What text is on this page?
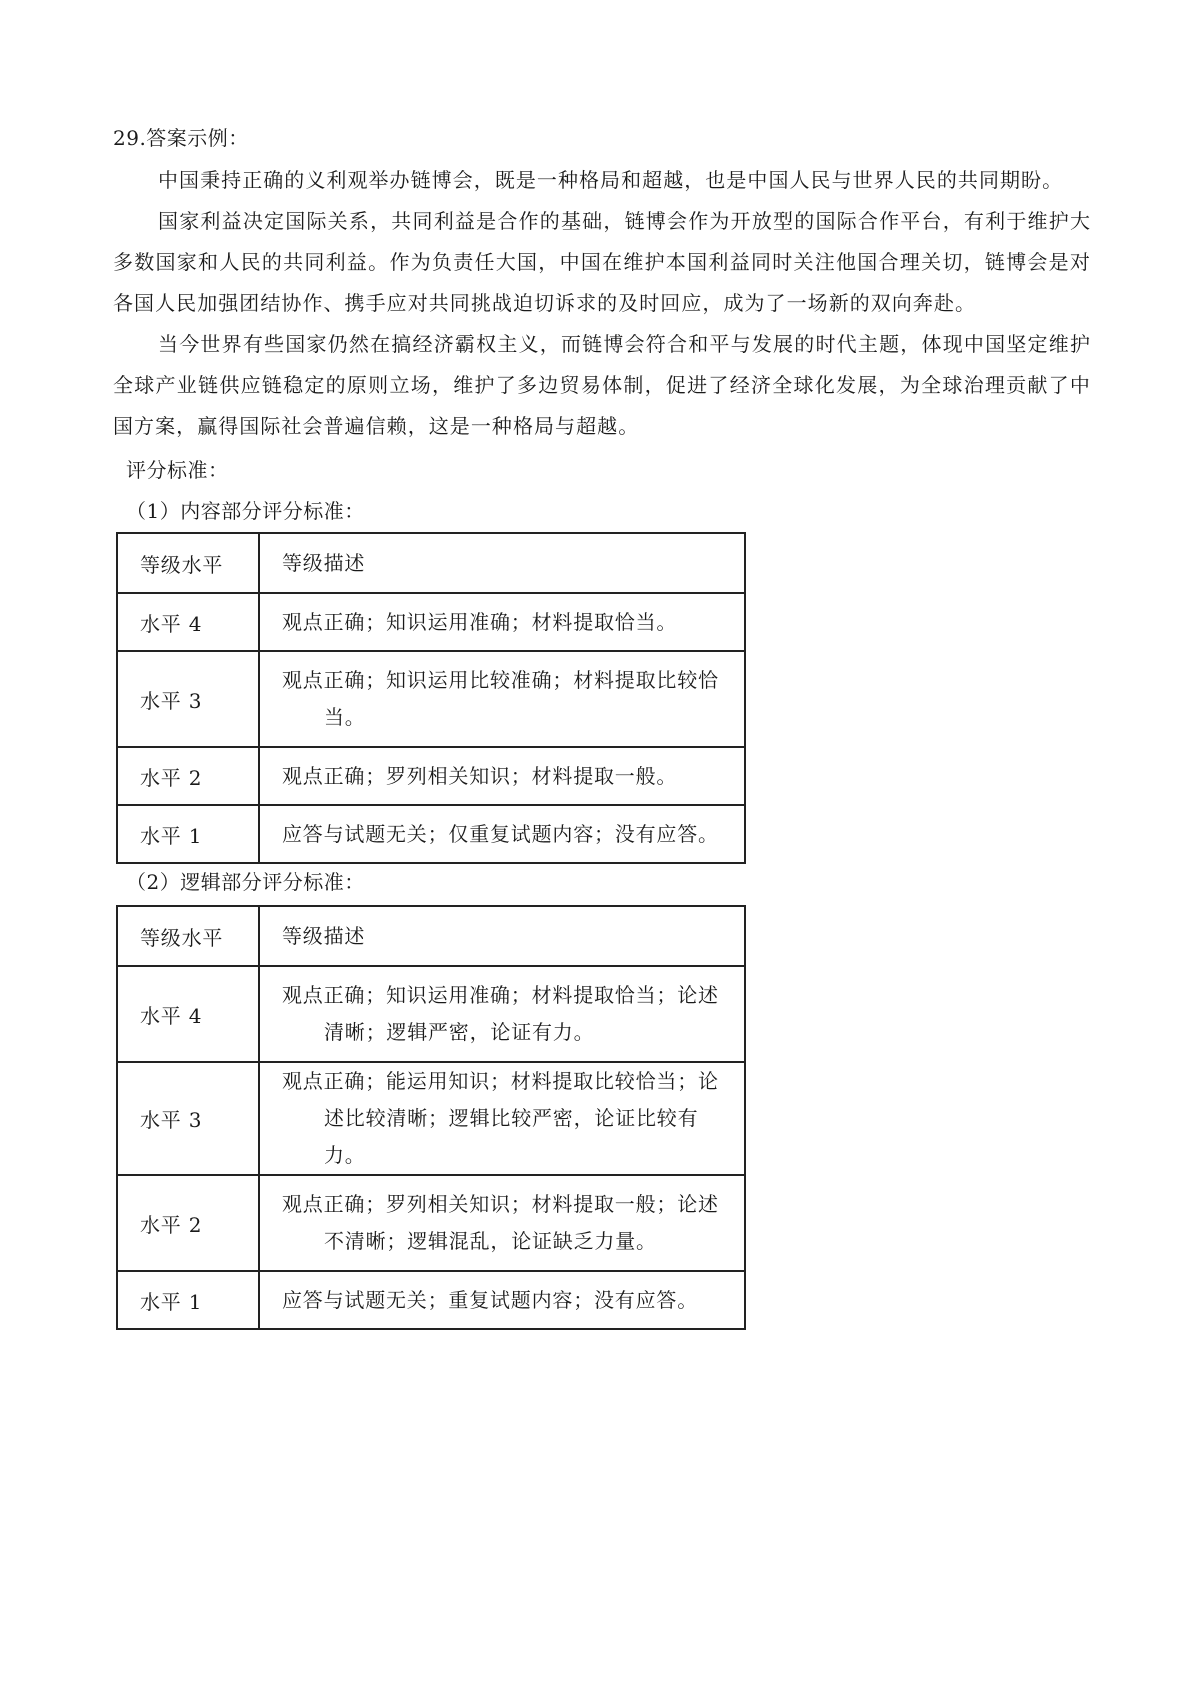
29.答案示例：

中国秉持正确的义利观举办链博会，既是一种格局和超越，也是中国人民与世界人民的共同期盼。

国家利益决定国际关系，共同利益是合作的基础，链博会作为开放型的国际合作平台，有利于维护大多数国家和人民的共同利益。作为负责任大国，中国在维护本国利益同时关注他国合理关切，链博会是对各国人民加强团结协作、携手应对共同挑战迫切诉求的及时回应，成为了一场新的双向奔赴。

当今世界有些国家仍然在搞经济霸权主义，而链博会符合和平与发展的时代主题，体现中国坚定维护全球产业链供应链稳定的原则立场，维护了多边贸易体制，促进了经济全球化发展，为全球治理贡献了中国方案，赢得国际社会普遍信赖，这是一种格局与超越。

评分标准：
（1）内容部分评分标准：
等级水平	等级描述
水平 4	观点正确；知识运用准确；材料提取恰当。

水平 3	观点正确；知识运用比较准确；材料提取比较恰
当。

水平 2	观点正确；罗列相关知识；材料提取一般。

水平 1	应答与试题无关；仅重复试题内容；没有应答。
（2）逻辑部分评分标准：
等级水平	等级描述
水平 4	观点正确；知识运用准确；材料提取恰当；论述
清晰；逻辑严密，论证有力。

水平 3	观点正确；能运用知识；材料提取比较恰当；论
述比较清晰；逻辑比较严密，论证比较有力。

水平 2	观点正确；罗列相关知识；材料提取一般；论述
不清晰；逻辑混乱，论证缺乏力量。

水平 1	应答与试题无关；重复试题内容；没有应答。
